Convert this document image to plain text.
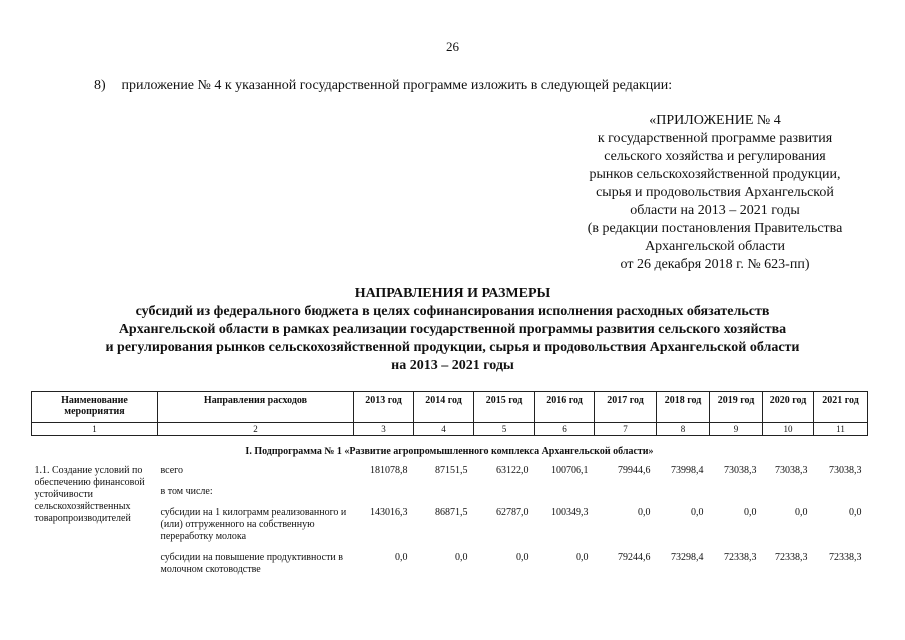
26
8) приложение № 4 к указанной государственной программе изложить в следующей редакции:
«ПРИЛОЖЕНИЕ № 4
к государственной программе развития
сельского хозяйства и регулирования
рынков сельскохозяйственной продукции,
сырья и продовольствия Архангельской
области на 2013 – 2021 годы
(в редакции постановления Правительства
Архангельской области
от 26 декабря 2018 г. № 623-пп)
НАПРАВЛЕНИЯ И РАЗМЕРЫ
субсидий из федерального бюджета в целях софинансирования исполнения расходных обязательств
Архангельской области в рамках реализации государственной программы развития сельского хозяйства
и регулирования рынков сельскохозяйственной продукции, сырья и продовольствия Архангельской области
на 2013 – 2021 годы
Наименование мероприятия	Направления расходов	2013 год	2014 год	2015 год	2016 год	2017 год	2018 год	2019 год	2020 год	2021 год
1	2	3	4	5	6	7	8	9	10	11
I. Подпрограмма № 1 «Развитие агропромышленного комплекса Архангельской области»										
1.1. Создание условий по обеспечению финансовой устойчивости сельскохозяйственных товаропроизводителей	всего	181078,8	87151,5	63122,0	100706,1	79944,6	73998,4	73038,3	73038,3	73038,3
	в том числе:									
	субсидии на 1 килограмм реализованного и (или) отгруженного на собственную переработку молока	143016,3	86871,5	62787,0	100349,3	0,0	0,0	0,0	0,0	0,0
	субсидии на повышение продуктивности в молочном скотоводстве	0,0	0,0	0,0	0,0	79244,6	73298,4	72338,3	72338,3	72338,3
